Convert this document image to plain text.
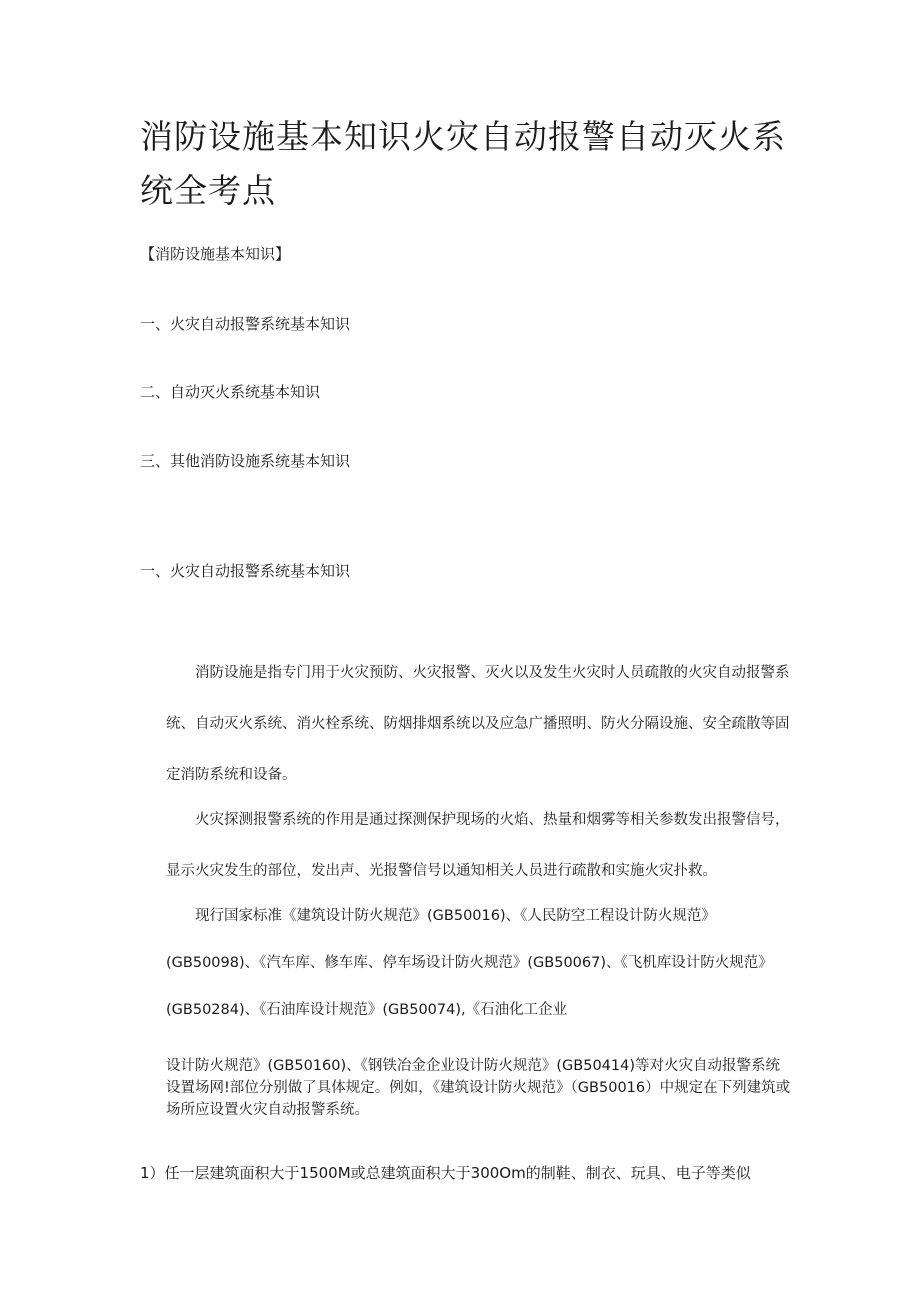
消防设施基本知识火灾自动报警自动灭火系统全考点

【消防设施基本知识】

一、火灾自动报警系统基本知识

二、自动灭火系统基本知识

三、其他消防设施系统基本知识

一、火灾自动报警系统基本知识

消防设施是指专门用于火灾预防、火灾报警、灭火以及发生火灾时人员疏散的火灾自动报警系统、自动灭火系统、消火栓系统、防烟排烟系统以及应急广播照明、防火分隔设施、安全疏散等固定消防系统和设备。

火灾探测报警系统的作用是通过探测保护现场的火焰、热量和烟雾等相关参数发出报警信号，显示火灾发生的部位，发出声、光报警信号以通知相关人员进行疏散和实施火灾扑救。

现行国家标准《建筑设计防火规范》(GB50016)、《人民防空工程设计防火规范》(GB50098)、《汽车库、修车库、停车场设计防火规范》(GB50067)、《飞机库设计防火规范》(GB50284)、《石油库设计规范》(GB50074),《石油化工企业

设计防火规范》(GB50160)、《钢铁冶金企业设计防火规范》(GB50414)等对火灾自动报警系统设置场网!部位分别做了具体规定。例如，《建筑设计防火规范》（GB50016）中规定在下列建筑或场所应设置火灾自动报警系统。

1）任一层建筑面积大于1500M或总建筑面积大于300Om的制鞋、制衣、玩具、电子等类似
